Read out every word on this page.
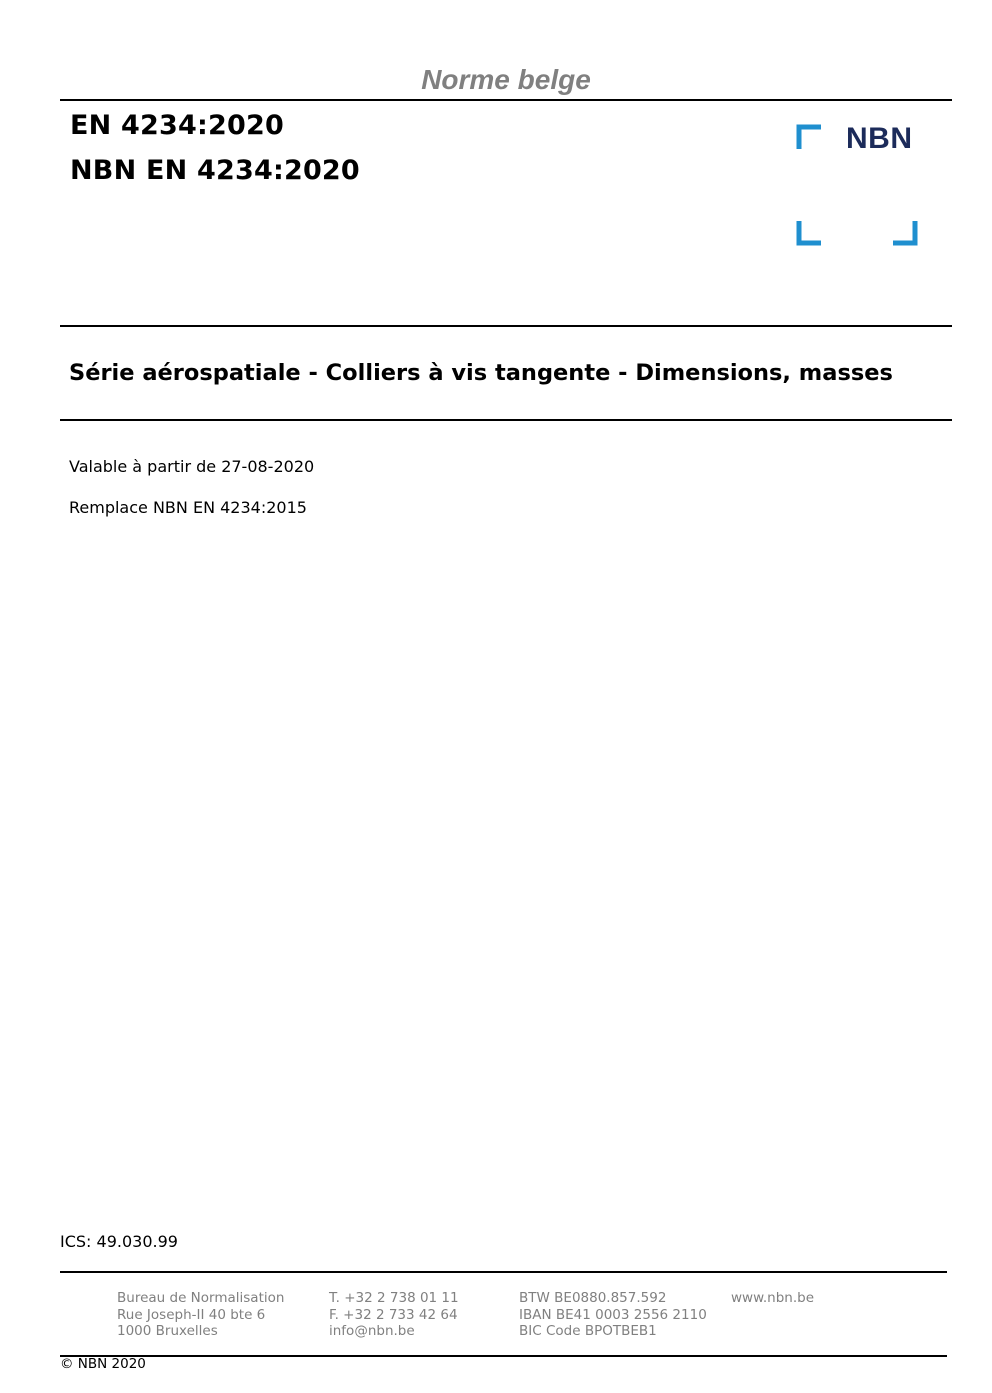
Norme belge
EN 4234:2020
NBN EN 4234:2020
NBN
Série aérospatiale - Colliers à vis tangente - Dimensions, masses
Valable à partir de 27-08-2020
Remplace NBN EN 4234:2015
ICS: 49.030.99
Bureau de Normalisation
Rue Joseph-II 40 bte 6
1000 Bruxelles
T. +32 2 738 01 11
F. +32 2 733 42 64
info@nbn.be
BTW BE0880.857.592
IBAN BE41 0003 2556 2110
BIC Code BPOTBEB1
www.nbn.be
© NBN 2020
